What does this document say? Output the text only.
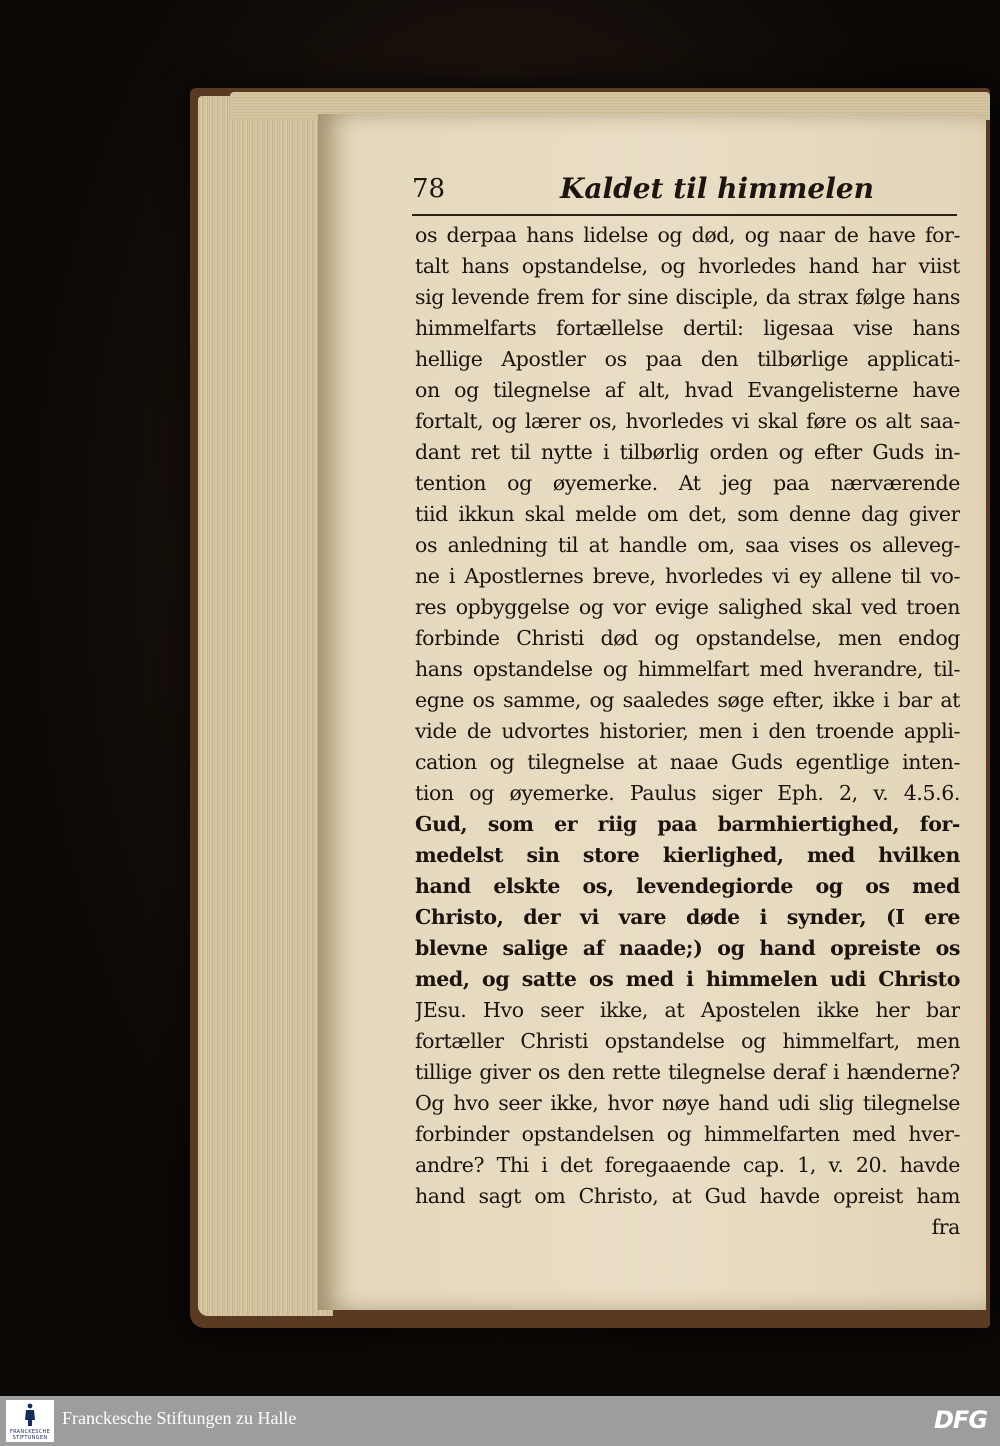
78	Kaldet til himmelen
os derpaa hans lidelse og død, og naar de have for-
talt hans opstandelse, og hvorledes hand har viist
sig levende frem for sine disciple, da strax følge hans
himmelfarts fortællelse dertil: ligesaa vise hans
hellige Apostler os paa den tilbørlige applicati-
on og tilegnelse af alt, hvad Evangelisterne have
fortalt, og lærer os, hvorledes vi skal føre os alt saa-
dant ret til nytte i tilbørlig orden og efter Guds in-
tention og øyemerke. At jeg paa nærværende
tiid ikkun skal melde om det, som denne dag giver
os anledning til at handle om, saa vises os alleveg-
ne i Apostlernes breve, hvorledes vi ey allene til vo-
res opbyggelse og vor evige salighed skal ved troen
forbinde Christi død og opstandelse, men endog
hans opstandelse og himmelfart med hverandre, til-
egne os samme, og saaledes søge efter, ikke i bar at
vide de udvortes historier, men i den troende appli-
cation og tilegnelse at naae Guds egentlige inten-
tion og øyemerke. Paulus siger Eph. 2, v. 4.5.6.
Gud, som er riig paa barmhiertighed, for-
medelst sin store kierlighed, med hvilken
hand elskte os, levendegiorde og os med
Christo, der vi vare døde i synder, (I ere
blevne salige af naade;) og hand opreiste os
med, og satte os med i himmelen udi Christo
JEsu. Hvo seer ikke, at Apostelen ikke her bar
fortæller Christi opstandelse og himmelfart, men
tillige giver os den rette tilegnelse deraf i hænderne?
Og hvo seer ikke, hvor nøye hand udi slig tilegnelse
forbinder opstandelsen og himmelfarten med hver-
andre? Thi i det foregaaende cap. 1, v. 20. havde
hand sagt om Christo, at Gud havde opreist ham
fra
FRANCKESCHE
STIFTUNGEN
Franckesche Stiftungen zu Halle	DFG
